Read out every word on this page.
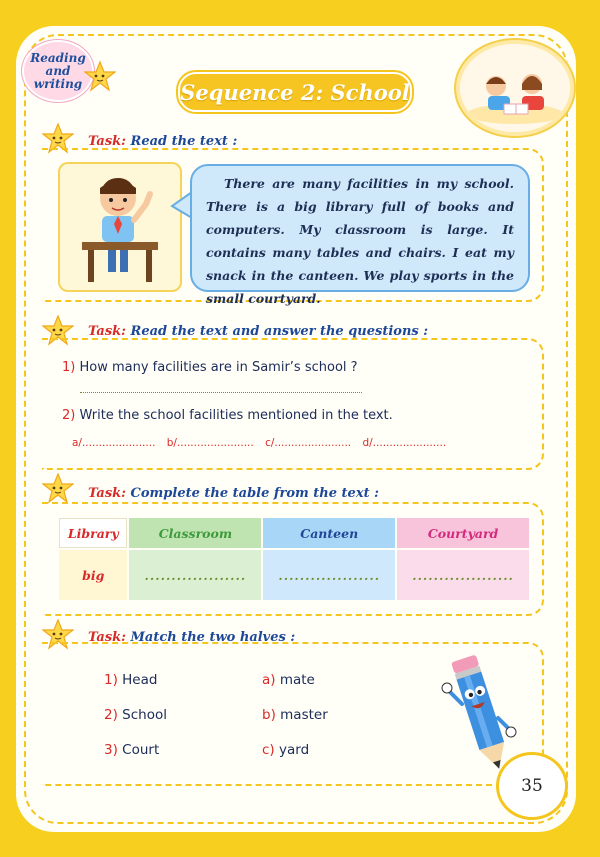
Reading
and
writing	Sequence 2: School
Task: Read the text :

There are many facilities in my school. There is a big library full of books and computers. My classroom is large. It contains many tables and chairs. I eat my snack in the canteen. We play sports in the small courtyard.

Task: Read the text and answer the questions :
1) How many facilities are in Samir’s school ?
2) Write the school facilities mentioned in the text.
a/...................... b/....................... c/....................... d/......................
Task: Complete the table from the text :
Library	Classroom	Canteen	Courtyard
big	...................	...................	...................
Task: Match the two halves :
1) Head
2) School
3) Court
a) mate
b) master
c) yard
35
